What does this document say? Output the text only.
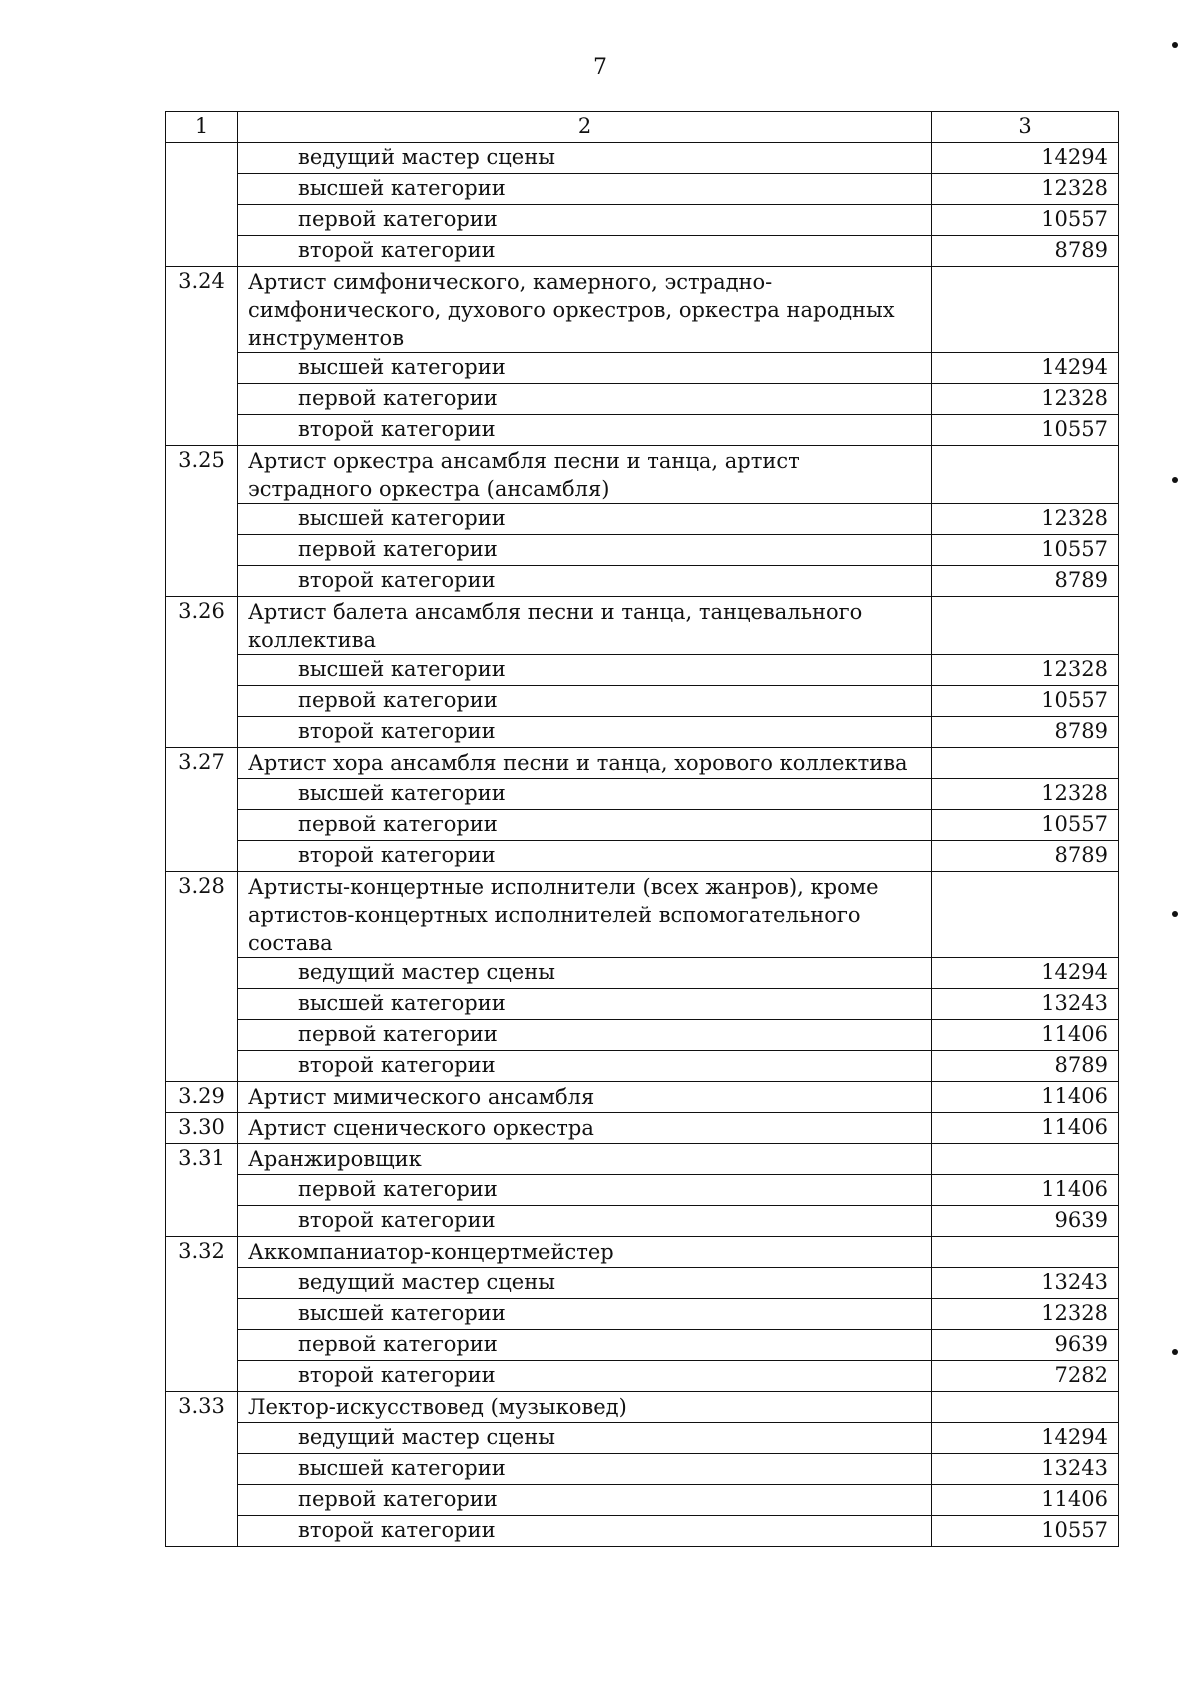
7
1	2	3
	ведущий мастер сцены	14294
	высшей категории	12328
	первой категории	10557
	второй категории	8789
3.24	Артист симфонического, камерного, эстрадно-симфонического, духового оркестров, оркестра народных инструментов	
	высшей категории	14294
	первой категории	12328
	второй категории	10557
3.25	Артист оркестра ансамбля песни и танца, артист эстрадного оркестра (ансамбля)	
	высшей категории	12328
	первой категории	10557
	второй категории	8789
3.26	Артист балета ансамбля песни и танца, танцевального коллектива	
	высшей категории	12328
	первой категории	10557
	второй категории	8789
3.27	Артист хора ансамбля песни и танца, хорового коллектива	
	высшей категории	12328
	первой категории	10557
	второй категории	8789
3.28	Артисты-концертные исполнители (всех жанров), кроме артистов-концертных исполнителей вспомогательного состава	
	ведущий мастер сцены	14294
	высшей категории	13243
	первой категории	11406
	второй категории	8789
3.29	Артист мимического ансамбля	11406
3.30	Артист сценического оркестра	11406
3.31	Аранжировщик	
	первой категории	11406
	второй категории	9639
3.32	Аккомпаниатор-концертмейстер	
	ведущий мастер сцены	13243
	высшей категории	12328
	первой категории	9639
	второй категории	7282
3.33	Лектор-искусствовед (музыковед)	
	ведущий мастер сцены	14294
	высшей категории	13243
	первой категории	11406
	второй категории	10557
